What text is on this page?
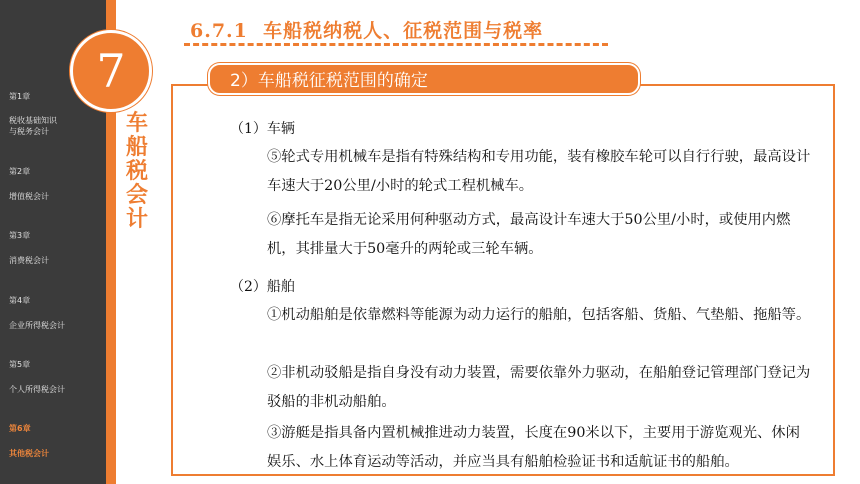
第1章
税收基础知识
与税务会计
第2章
增值税会计
第3章
消费税会计
第4章
企业所得税会计
第5章
个人所得税会计
第6章
其他税会计
7
车船税会计
6.7.1  车船税纳税人、征税范围与税率
2）车船税征税范围的确定
（1）车辆
⑤轮式专用机械车是指有特殊结构和专用功能，装有橡胶车轮可以自行行驶，最高设计车速大于20公里/小时的轮式工程机械车。
⑥摩托车是指无论采用何种驱动方式，最高设计车速大于50公里/小时，或使用内燃机，其排量大于50毫升的两轮或三轮车辆。
（2）船舶
①机动船舶是依靠燃料等能源为动力运行的船舶，包括客船、货船、气垫船、拖船等。
②非机动驳船是指自身没有动力装置，需要依靠外力驱动，在船舶登记管理部门登记为驳船的非机动船舶。
③游艇是指具备内置机械推进动力装置，长度在90米以下，主要用于游览观光、休闲娱乐、水上体育运动等活动，并应当具有船舶检验证书和适航证书的船舶。
